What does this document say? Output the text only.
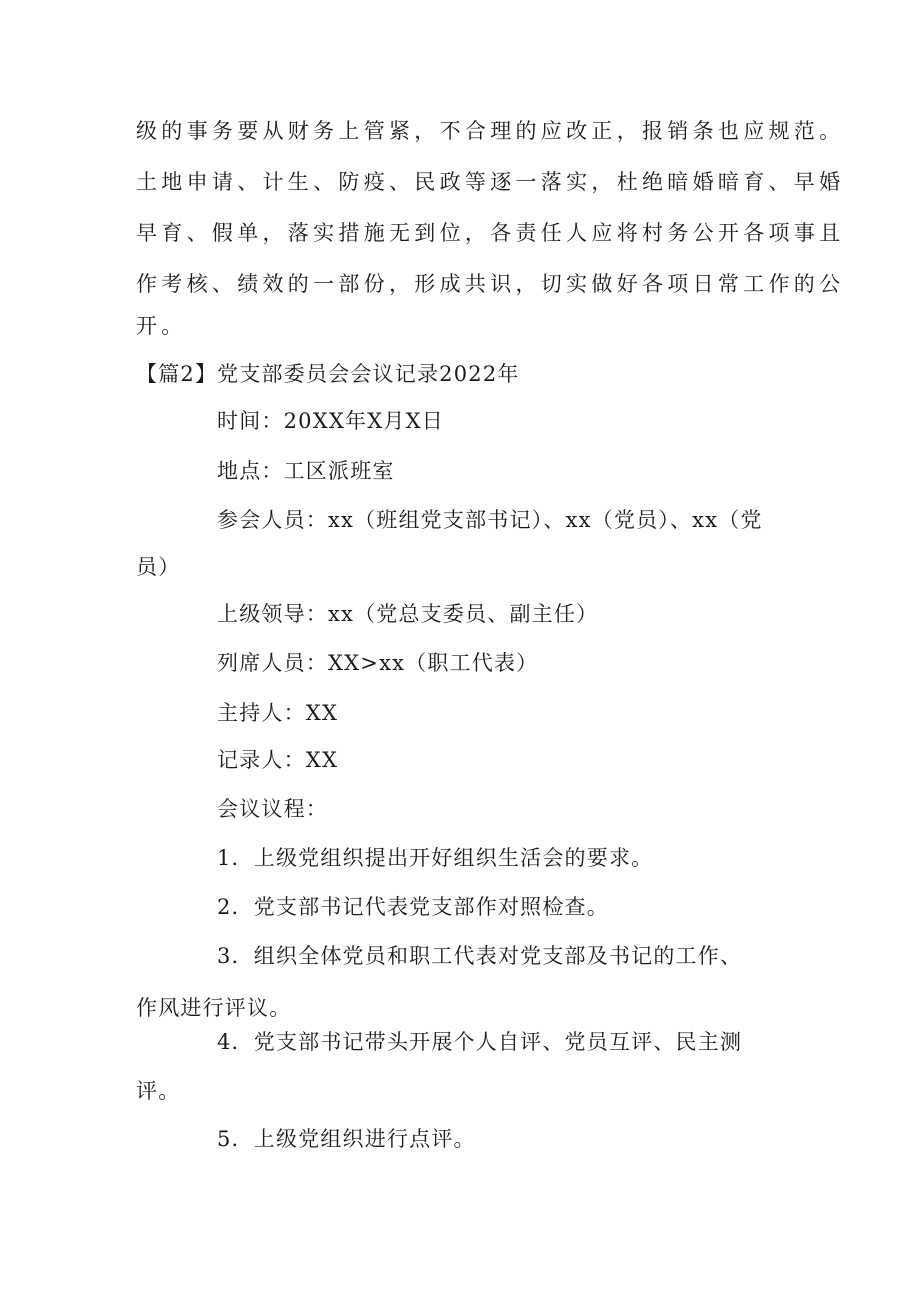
级的事务要从财务上管紧，不合理的应改正，报销条也应规范。
土地申请、计生、防疫、民政等逐一落实，杜绝暗婚暗育、早婚
早育、假单，落实措施无到位，各责任人应将村务公开各项事且
作考核、绩效的一部份，形成共识，切实做好各项日常工作的公
开。
【篇2】党支部委员会会议记录2022年
时间：20XX年X月X日
地点：工区派班室
参会人员：xx（班组党支部书记）、xx（党员）、xx（党
员）
上级领导：xx（党总支委员、副主任）
列席人员：XX>xx（职工代表）
主持人：XX
记录人：XX
会议议程：
1．上级党组织提出开好组织生活会的要求。
2．党支部书记代表党支部作对照检查。
3．组织全体党员和职工代表对党支部及书记的工作、
作风进行评议。
4．党支部书记带头开展个人自评、党员互评、民主测
评。
5．上级党组织进行点评。
